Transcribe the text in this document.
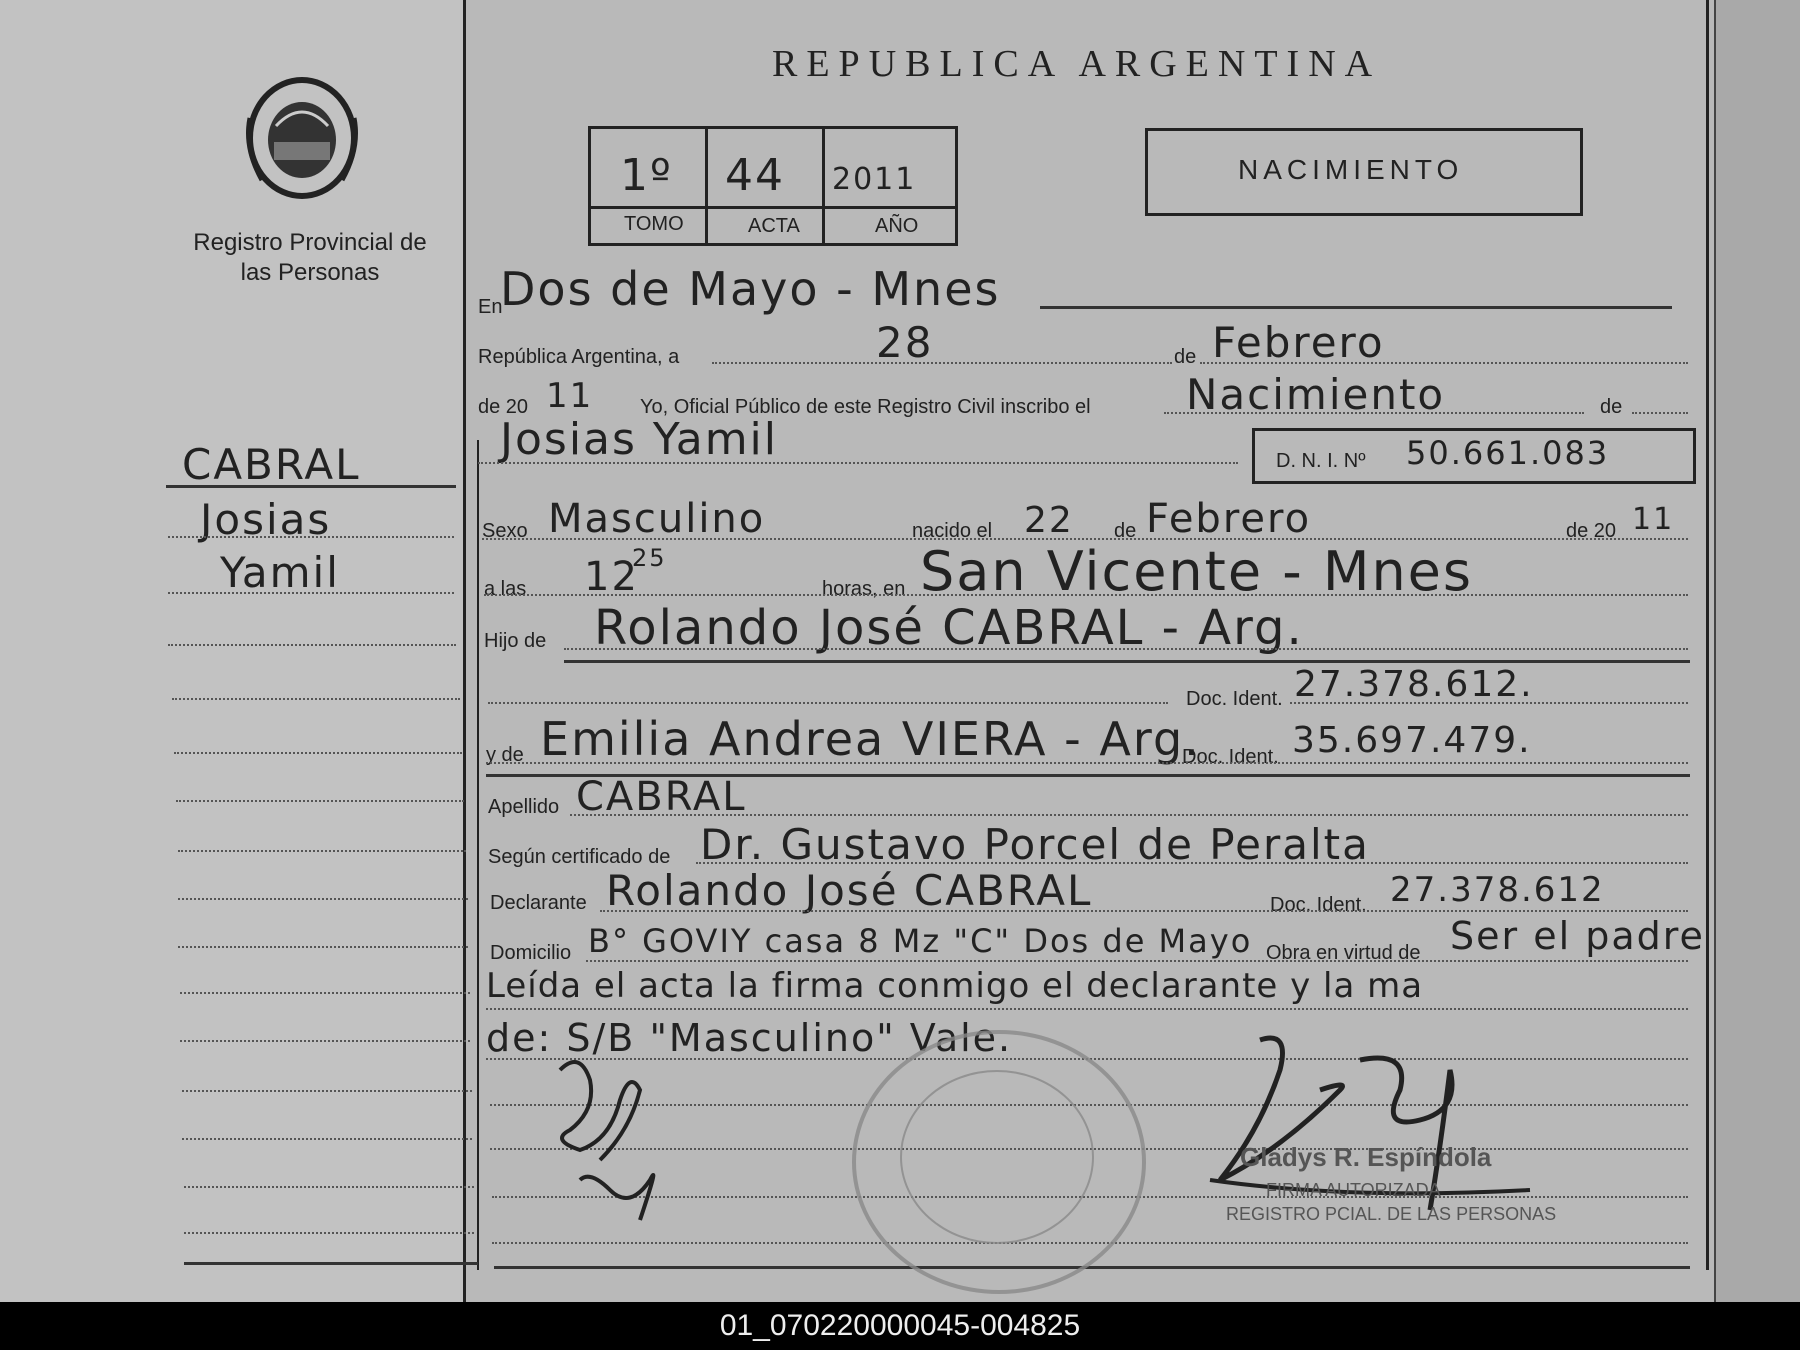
Registro Provincial de las Personas
REPUBLICA ARGENTINA
1º 44 2011
TOMO	ACTA	AÑO
NACIMIENTO
CABRAL
Josias
Yamil
En
Dos de Mayo - Mnes
República Argentina, a	28	de Febrero
de 20 11 Yo, Oficial Público de este Registro Civil inscribo el Nacimiento	de
Josias Yamil	D. N. I. Nº 50.661.083
Sexo Masculino	nacido el 22 de Febrero	de 20 11
a las 12
25
horas, en San Vicente - Mnes
Hijo de Rolando José CABRAL - Arg.
Doc. Ident. 27.378.612.
y de Emilia Andrea VIERA - Arg.
Doc. Ident. 35.697.479.
Apellido CABRAL
Según certificado de Dr. Gustavo Porcel de Peralta
Declarante Rolando José CABRAL	Doc. Ident. 27.378.612
Domicilio B° GOVIY casa 8 Mz "C" Dos de Mayo Obra en virtud de Ser el padre
Leída el acta la firma conmigo el declarante y la ma
de: S/B "Masculino" Vale.
Gladys R. Espíndola
FIRMA AUTORIZADA
REGISTRO PCIAL. DE LAS PERSONAS
01_070220000045-004825
